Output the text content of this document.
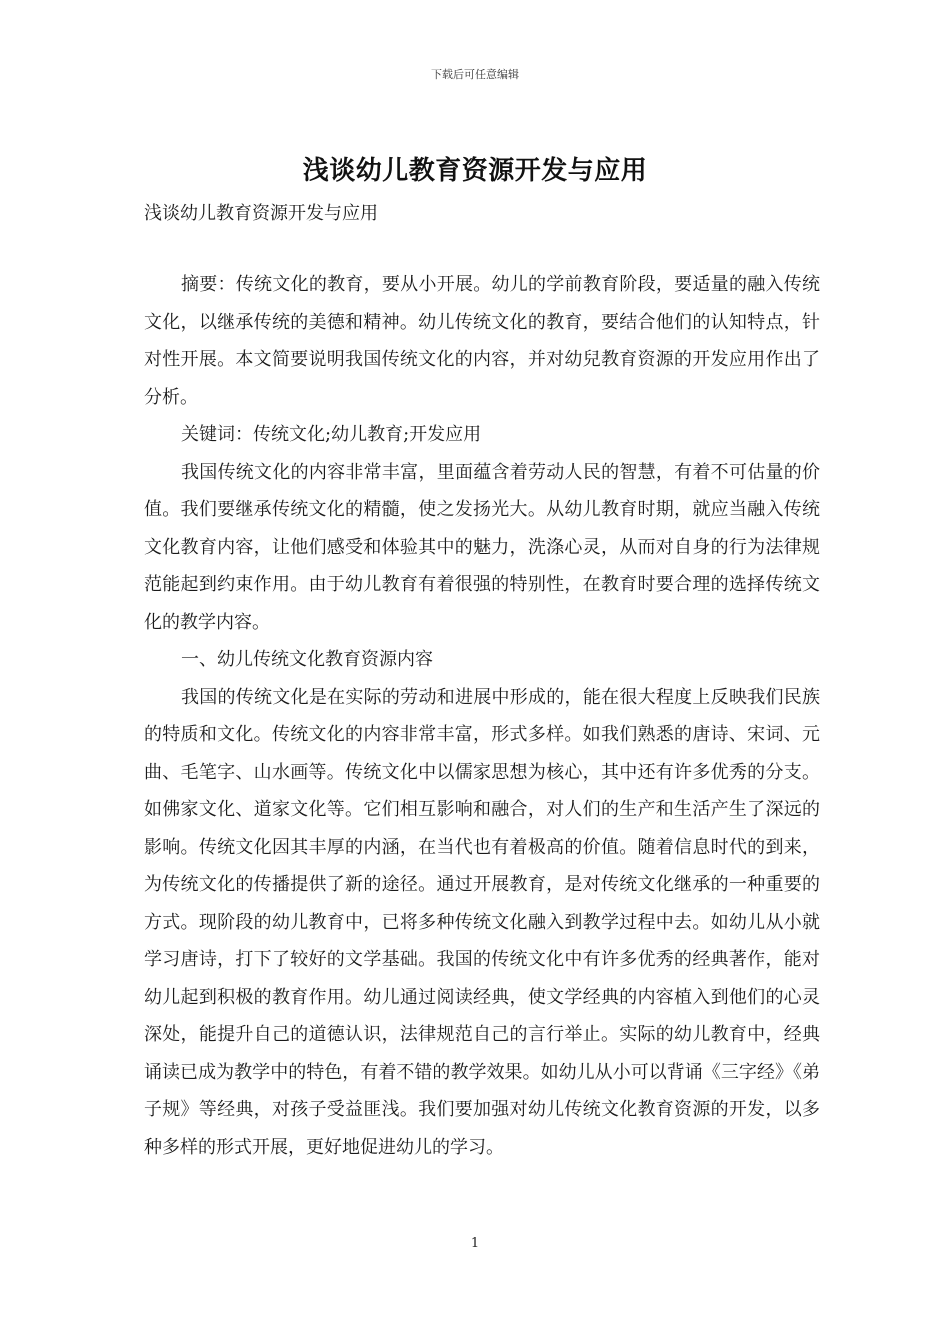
下载后可任意编辑
浅谈幼儿教育资源开发与应用
浅谈幼儿教育资源开发与应用

摘要：传统文化的教育，要从小开展。幼儿的学前教育阶段，要适量的融入传统文化，以继承传统的美德和精神。幼儿传统文化的教育，要结合他们的认知特点，针对性开展。本文简要说明我国传统文化的内容，并对幼兒教育资源的开发应用作出了分析。

关键词：传统文化;幼儿教育;开发应用

我国传统文化的内容非常丰富，里面蕴含着劳动人民的智慧，有着不可估量的价值。我们要继承传统文化的精髓，使之发扬光大。从幼儿教育时期，就应当融入传统文化教育内容，让他们感受和体验其中的魅力，洗涤心灵，从而对自身的行为法律规范能起到约束作用。由于幼儿教育有着很强的特别性，在教育时要合理的选择传统文化的教学内容。

一、幼儿传统文化教育资源内容

我国的传统文化是在实际的劳动和进展中形成的，能在很大程度上反映我们民族的特质和文化。传统文化的内容非常丰富，形式多样。如我们熟悉的唐诗、宋词、元曲、毛笔字、山水画等。传统文化中以儒家思想为核心，其中还有许多优秀的分支。如佛家文化、道家文化等。它们相互影响和融合，对人们的生产和生活产生了深远的影响。传统文化因其丰厚的内涵，在当代也有着极高的价值。随着信息时代的到来，为传统文化的传播提供了新的途径。通过开展教育，是对传统文化继承的一种重要的方式。现阶段的幼儿教育中，已将多种传统文化融入到教学过程中去。如幼儿从小就学习唐诗，打下了较好的文学基础。我国的传统文化中有许多优秀的经典著作，能对幼儿起到积极的教育作用。幼儿通过阅读经典，使文学经典的内容植入到他们的心灵深处，能提升自己的道德认识，法律规范自己的言行举止。实际的幼儿教育中，经典诵读已成为教学中的特色，有着不错的教学效果。如幼儿从小可以背诵《三字经》《弟子规》等经典，对孩子受益匪浅。我们要加强对幼儿传统文化教育资源的开发，以多种多样的形式开展，更好地促进幼儿的学习。

1
